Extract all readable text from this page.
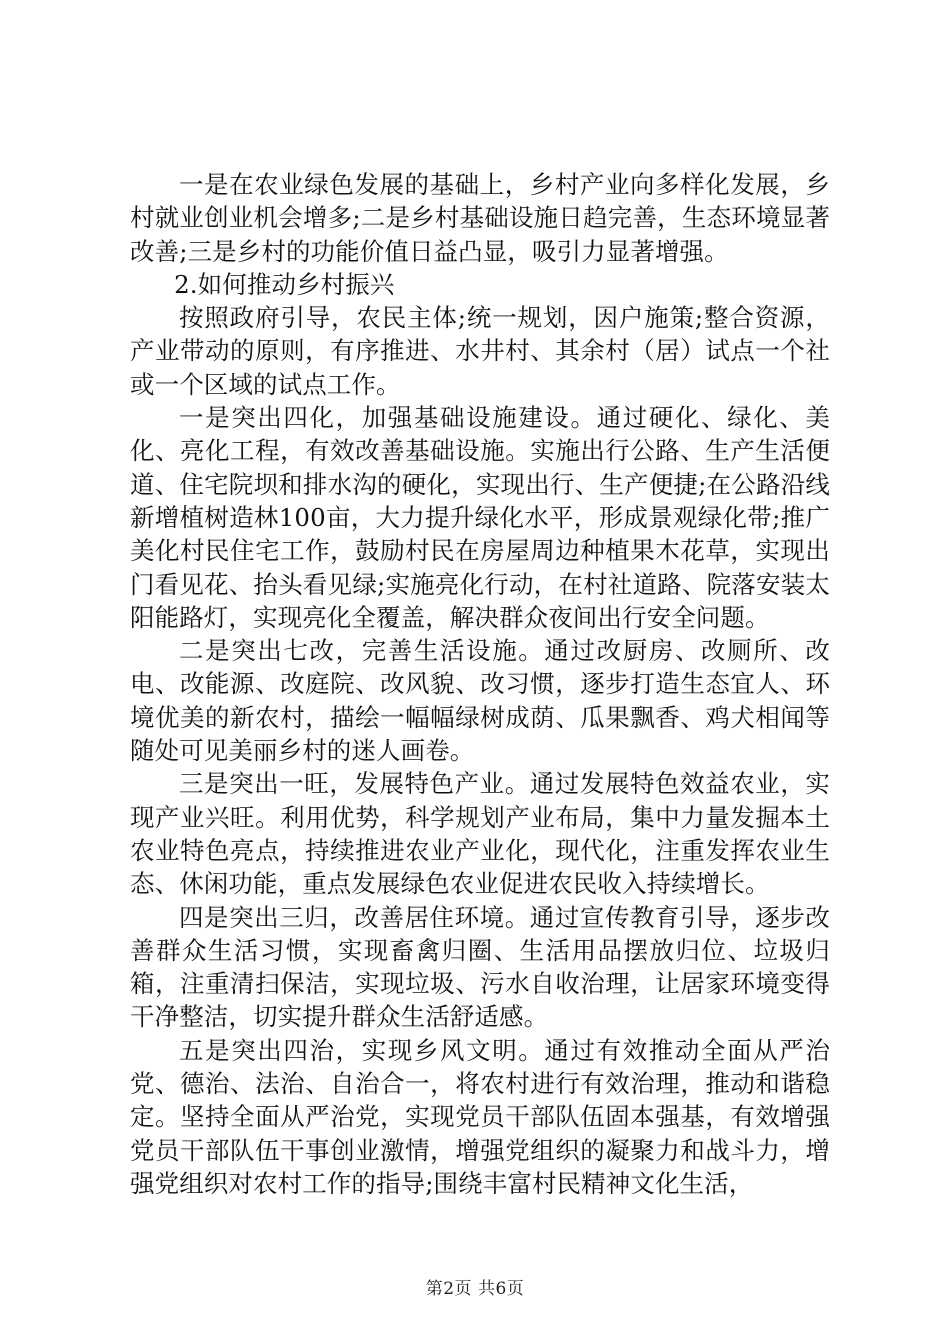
一是在农业绿色发展的基础上，乡村产业向多样化发展，乡村就业创业机会增多;二是乡村基础设施日趋完善，生态环境显著改善;三是乡村的功能价值日益凸显，吸引力显著增强。

2.如何推动乡村振兴

按照政府引导，农民主体;统一规划，因户施策;整合资源，产业带动的原则，有序推进、水井村、其余村（居）试点一个社或一个区域的试点工作。

一是突出四化，加强基础设施建设。通过硬化、绿化、美化、亮化工程，有效改善基础设施。实施出行公路、生产生活便道、住宅院坝和排水沟的硬化，实现出行、生产便捷;在公路沿线新增植树造林100亩，大力提升绿化水平，形成景观绿化带;推广美化村民住宅工作，鼓励村民在房屋周边种植果木花草，实现出门看见花、抬头看见绿;实施亮化行动，在村社道路、院落安装太阳能路灯，实现亮化全覆盖，解决群众夜间出行安全问题。

二是突出七改，完善生活设施。通过改厨房、改厕所、改电、改能源、改庭院、改风貌、改习惯，逐步打造生态宜人、环境优美的新农村，描绘一幅幅绿树成荫、瓜果飘香、鸡犬相闻等随处可见美丽乡村的迷人画卷。

三是突出一旺，发展特色产业。通过发展特色效益农业，实现产业兴旺。利用优势，科学规划产业布局，集中力量发掘本土农业特色亮点，持续推进农业产业化，现代化，注重发挥农业生态、休闲功能，重点发展绿色农业促进农民收入持续增长。

四是突出三归，改善居住环境。通过宣传教育引导，逐步改善群众生活习惯，实现畜禽归圈、生活用品摆放归位、垃圾归箱，注重清扫保洁，实现垃圾、污水自收治理，让居家环境变得干净整洁，切实提升群众生活舒适感。

五是突出四治，实现乡风文明。通过有效推动全面从严治党、德治、法治、自治合一，将农村进行有效治理，推动和谐稳定。坚持全面从严治党，实现党员干部队伍固本强基，有效增强党员干部队伍干事创业激情，增强党组织的凝聚力和战斗力，增强党组织对农村工作的指导;围绕丰富村民精神文化生活，

第2页 共6页
